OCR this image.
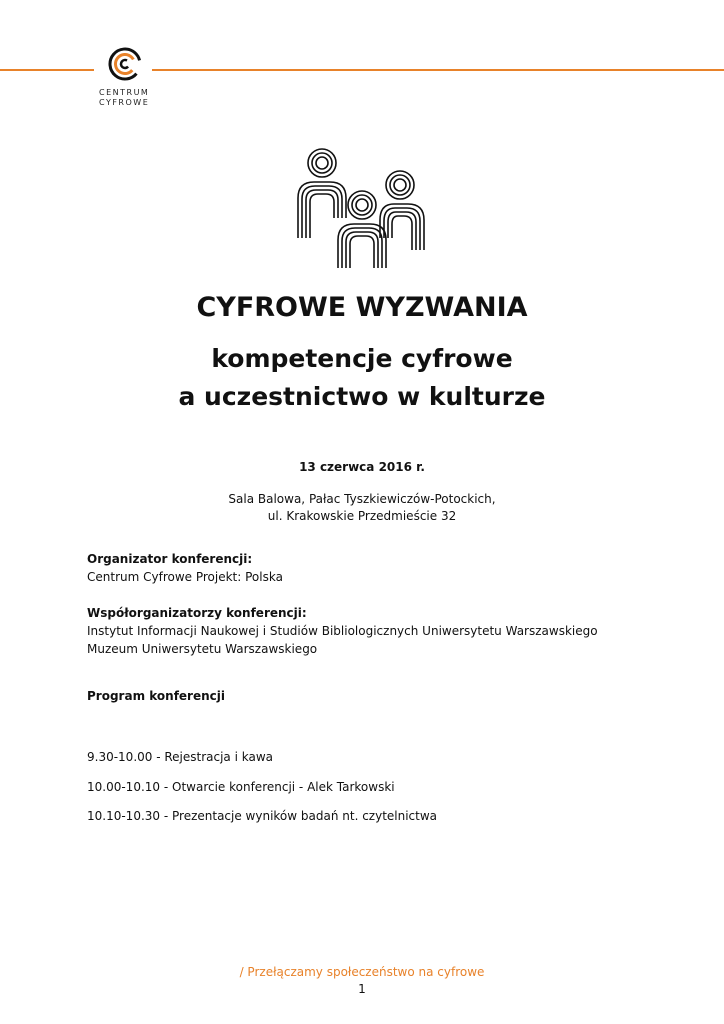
CENTRUM
CYFROWE
CYFROWE WYZWANIA
kompetencje cyfrowe
a uczestnictwo w kulturze
13 czerwca 2016 r.
Sala Balowa, Pałac Tyszkiewiczów-Potockich,
ul. Krakowskie Przedmieście 32
Organizator konferencji:
Centrum Cyfrowe Projekt: Polska
Współorganizatorzy konferencji:
Instytut Informacji Naukowej i Studiów Bibliologicznych Uniwersytetu Warszawskiego
Muzeum Uniwersytetu Warszawskiego
Program konferencji
9.30-10.00 - Rejestracja i kawa
10.00-10.10 - Otwarcie konferencji - Alek Tarkowski
10.10-10.30 - Prezentacje wyników badań nt. czytelnictwa
/ Przełączamy społeczeństwo na cyfrowe
1
